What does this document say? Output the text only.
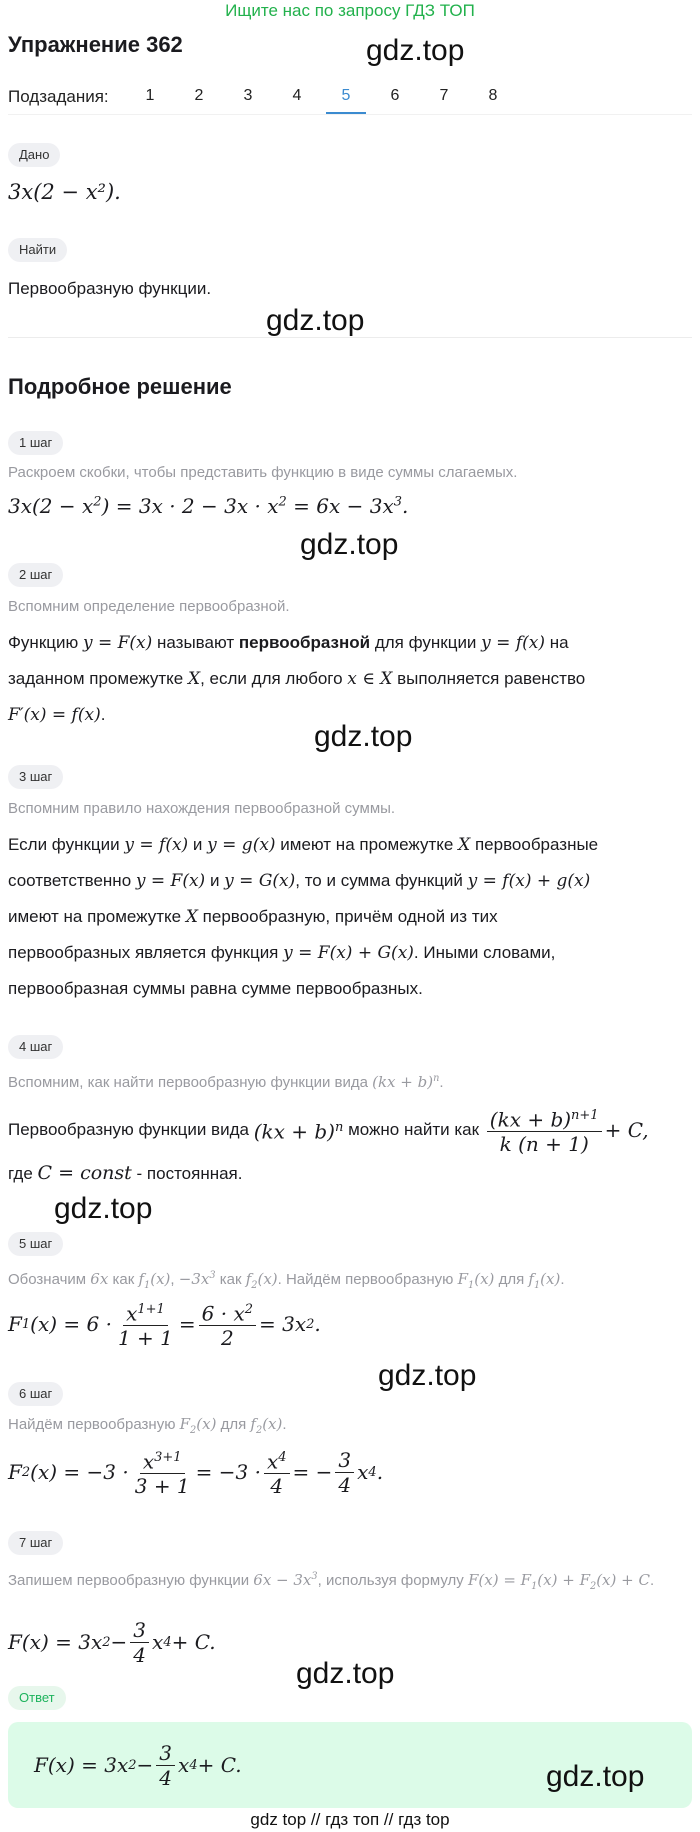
Ищите нас по запросу ГДЗ ТОП
Упражнение 362	gdz.top
Подзадания:	1	2	3	4	5	6	7	8
Дано
3x(2 − x²).
Найти
Первообразную функции.
gdz.top
Подробное решение
1 шаг
Раскроем скобки, чтобы представить функцию в виде суммы слагаемых.
$3x(2 - x^2) = 3x \cdot 2 - 3x \cdot x^2 = 6x - 3x^3$.
gdz.top
2 шаг
Вспомним определение первообразной.
Функцию y = F(x) называют первообразной для функции y = f(x) на
заданном промежутке X, если для любого x ∈ X выполняется равенство
F′(x) = f(x).
gdz.top
3 шаг
Вспомним правило нахождения первообразной суммы.
Если функции y = f(x) и y = g(x) имеют на промежутке X первообразные
соответственно y = F(x) и y = G(x), то и сумма функций y = f(x) + g(x)
имеют на промежутке X первообразную, причём одной из тих
первообразных является функция y = F(x) + G(x). Иными словами,
первообразная суммы равна сумме первообразных.
4 шаг
Вспомним, как найти первообразную функции вида (kx + b)$^n$.
Первообразную функции вида
(kx + b)$^n$
можно найти как
$\frac{(kx + b)^{n+1}}{k (n + 1)} + C$,
где C = const - постоянная.
gdz.top
5 шаг
Обозначим 6x как $f_1(x)$, $-3x^3$ как $f_2(x)$. Найдём первообразную $F_1(x)$ для $f_1(x)$.
F 1 $(x) = 6 \cdot \frac{x^{1+1}}{1 + 1} = \frac{6 \cdot x^2}{2} = 3x$ 2 .
gdz.top
6 шаг
Найдём первообразную $F_2(x)$ для $f_2(x)$.
F 2 $(x) = -3 \cdot \frac{x^{3+1}}{3 + 1} = -3 \cdot \frac{x^4}{4}$ = − $\frac{3}{4}$ x 4 .
7 шаг
Запишем первообразную функции $6x - 3x^3$, используя формулу $F(x) = F_1(x) + F_2(x) + C$.
F(x) = 3x $2 - \frac{3}{4}$ x 4 + C.
gdz.top
Ответ
F(x) = 3x $2 - \frac{3}{4}$ x 4 + C.	gdz.top
gdz top // гдз топ // гдз top
